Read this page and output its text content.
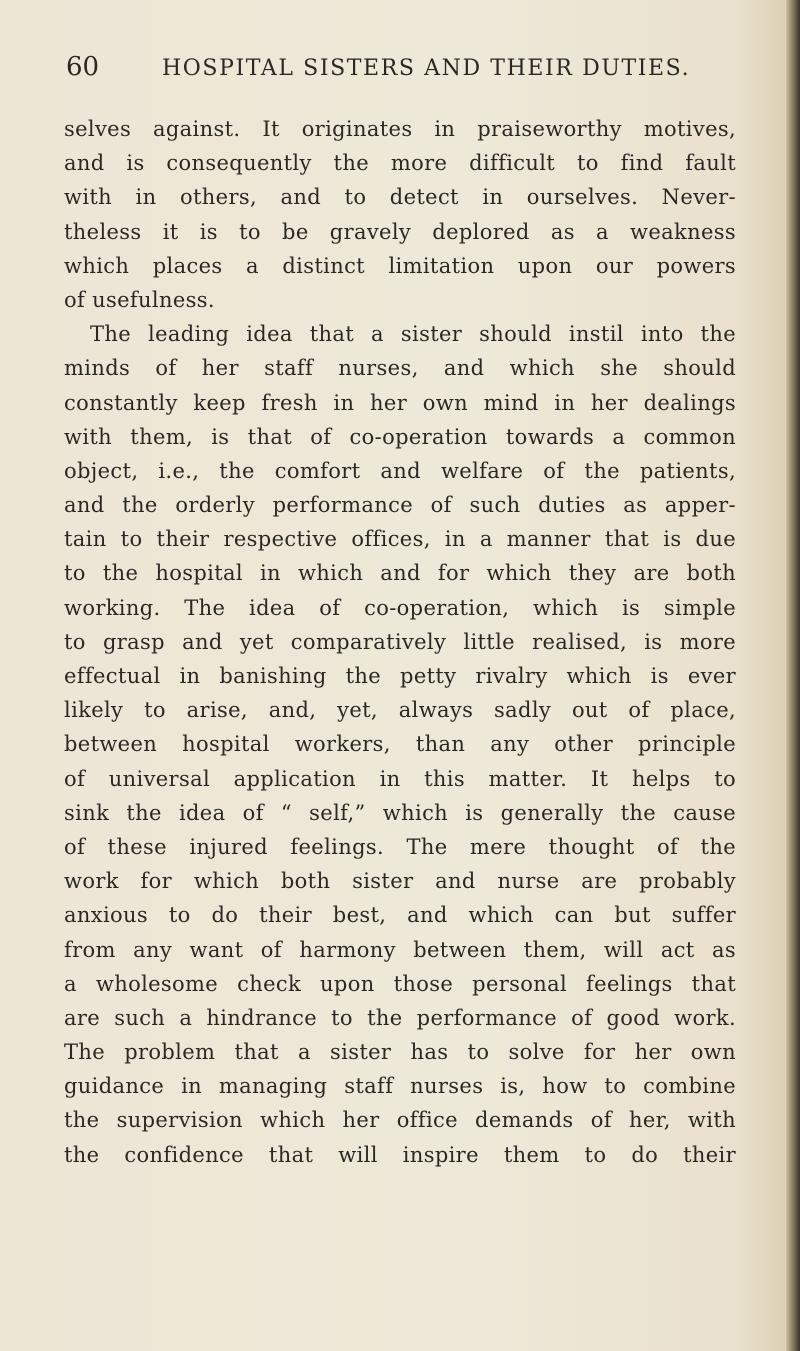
60	HOSPITAL SISTERS AND THEIR DUTIES.
selves against. It originates in praiseworthy motives,
and is consequently the more difficult to find fault
with in others, and to detect in ourselves. Never-
theless it is to be gravely deplored as a weakness
which places a distinct limitation upon our powers
of usefulness.
The leading idea that a sister should instil into the
minds of her staff nurses, and which she should
constantly keep fresh in her own mind in her dealings
with them, is that of co-operation towards a common
object, i.e., the comfort and welfare of the patients,
and the orderly performance of such duties as apper-
tain to their respective offices, in a manner that is due
to the hospital in which and for which they are both
working. The idea of co-operation, which is simple
to grasp and yet comparatively little realised, is more
effectual in banishing the petty rivalry which is ever
likely to arise, and, yet, always sadly out of place,
between hospital workers, than any other principle
of universal application in this matter. It helps to
sink the idea of “ self,” which is generally the cause
of these injured feelings. The mere thought of the
work for which both sister and nurse are probably
anxious to do their best, and which can but suffer
from any want of harmony between them, will act as
a wholesome check upon those personal feelings that
are such a hindrance to the performance of good work.
The problem that a sister has to solve for her own
guidance in managing staff nurses is, how to combine
the supervision which her office demands of her, with
the confidence that will inspire them to do their
